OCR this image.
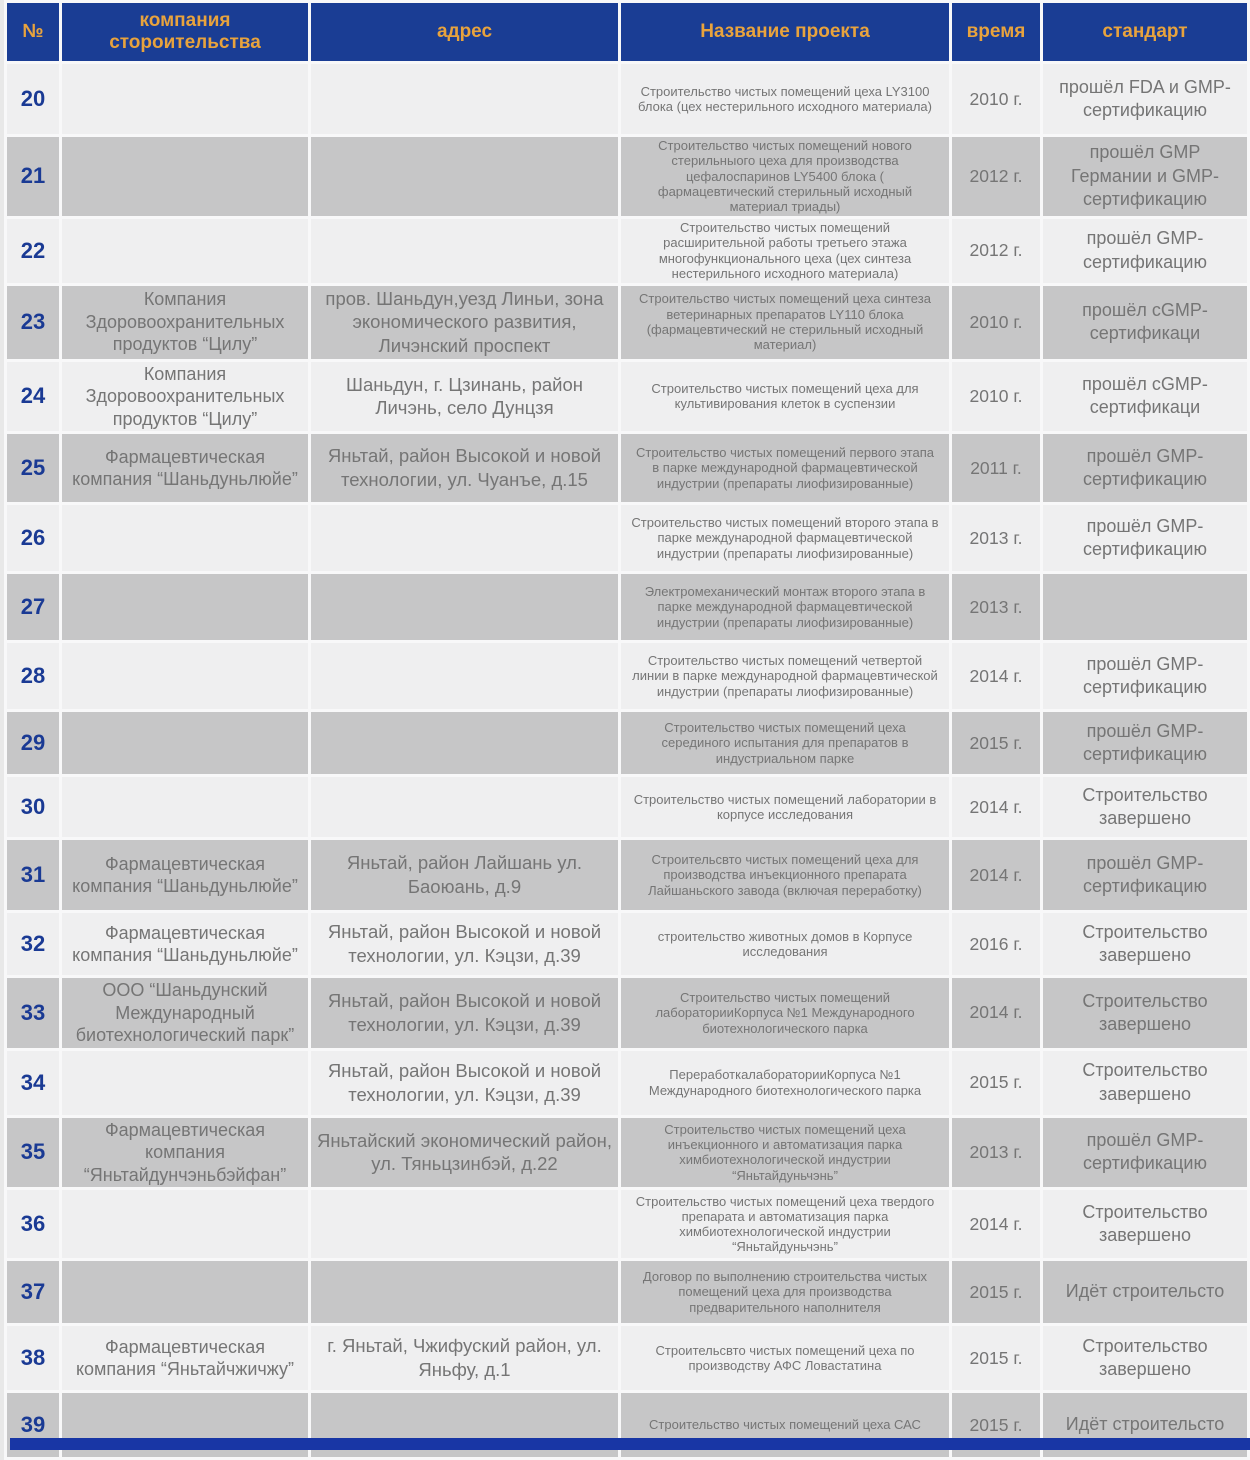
№	компания стороительства	адрес	Название проекта	время	стандарт
20			Строительство чистых помещений цеха LY3100 блока (цех нестерильного исходного материала)	2010 г.	прошёл FDA и GMP-сертификацию
21			Строительство чистых помещений нового стерильныого цеха для производства цефалоспаринов LY5400 блока ( фармацевтический стерильный исходный материал триады)	2012 г.	прошёл GMP Германии и GMP-сертификацию
22			Строительство чистых помещений расширительной работы третьего этажа многофункционального цеха (цех синтеза нестерильного исходного материала)	2012 г.	прошёл GMP-сертификацию
23	Компания Здоровоохранительных продуктов “Цилу”	пров. Шаньдун,уезд Линьи, зона экономического развития, Личэнский проспект	Строительство чистых помещений цеха синтеза ветеринарных препаратов LY110 блока (фармацевтический не стерильный исходный материал)	2010 г.	прошёл cGMP-сертификаци
24	Компания Здоровоохранительных продуктов “Цилу”	Шаньдун, г. Цзинань, район Личэнь, село Дунцзя	Строительство чистых помещений цеха для культивирования клеток в суспензии	2010 г.	прошёл cGMP-сертификаци
25	Фармацевтическая компания “Шаньдуньлюйе”	Яньтай, район Высокой и новой технологии, ул. Чуанъе, д.15	Строительство чистых помещений первого этапа в парке международной фармацевтической индустрии (препараты лиофизированные)	2011 г.	прошёл GMP-сертификацию
26			Строительство чистых помещений второго этапа в парке международной фармацевтической индустрии (препараты лиофизированные)	2013 г.	прошёл GMP-сертификацию
27			Электромеханический монтаж второго этапа в парке международной фармацевтической индустрии (препараты лиофизированные)	2013 г.	
28			Строительство чистых помещений четвертой линии в парке международной фармацевтической индустрии (препараты лиофизированные)	2014 г.	прошёл GMP-сертификацию
29			Строительство чистых помещений цеха серединого испытания для препаратов в индустриальном парке	2015 г.	прошёл GMP-сертификацию
30			Строительство чистых помещений лаборатории в корпусе исследования	2014 г.	Строительство завершено
31	Фармацевтическая компания “Шаньдуньлюйе”	Яньтай, район Лайшань ул. Баоюань, д.9	Строительсвто чистых помещений цеха для производства инъекционного препарата Лайшаньского завода (включая переработку)	2014 г.	прошёл GMP-сертификацию
32	Фармацевтическая компания “Шаньдуньлюйе”	Яньтай, район Высокой и новой технологии, ул. Кэцзи, д.39	строительство животных домов в Корпусе исследования	2016 г.	Строительство завершено
33	ООО “Шаньдунский Международный биотехнологический парк”	Яньтай, район Высокой и новой технологии, ул. Кэцзи, д.39	Строительство чистых помещений лабораторииКорпуса №1 Международного биотехнологического парка	2014 г.	Строительство завершено
34		Яньтай, район Высокой и новой технологии, ул. Кэцзи, д.39	ПереработкалабораторииКорпуса №1 Международного биотехнологического парка	2015 г.	Строительство завершено
35	Фармацевтическая компания “Яньтайдунчэньбэйфан”	Яньтайский экономический район, ул. Тяньцзинбэй, д.22	Строительство чистых помещений цеха инъекционного и автоматизация парка химбиотехнологической индустрии “Яньтайдуньчэнь”	2013 г.	прошёл GMP-сертификацию
36			Строительство чистых помещений цеха твердого препарата и автоматизация парка химбиотехнологической индустрии “Яньтайдуньчэнь”	2014 г.	Строительство завершено
37			Договор по выполнению строительства чистых помещений цеха для производства предварительного наполнителя	2015 г.	Идёт строительсто
38	Фармацевтическая компания “Яньтайчжичжу”	г. Яньтай, Чжифуский район, ул. Яньфу, д.1	Строительсвто чистых помещений цеха по производству АФС Ловастатина	2015 г.	Строительство завершено
39			Строительство чистых помещений цеха САС	2015 г.	Идёт строительсто
